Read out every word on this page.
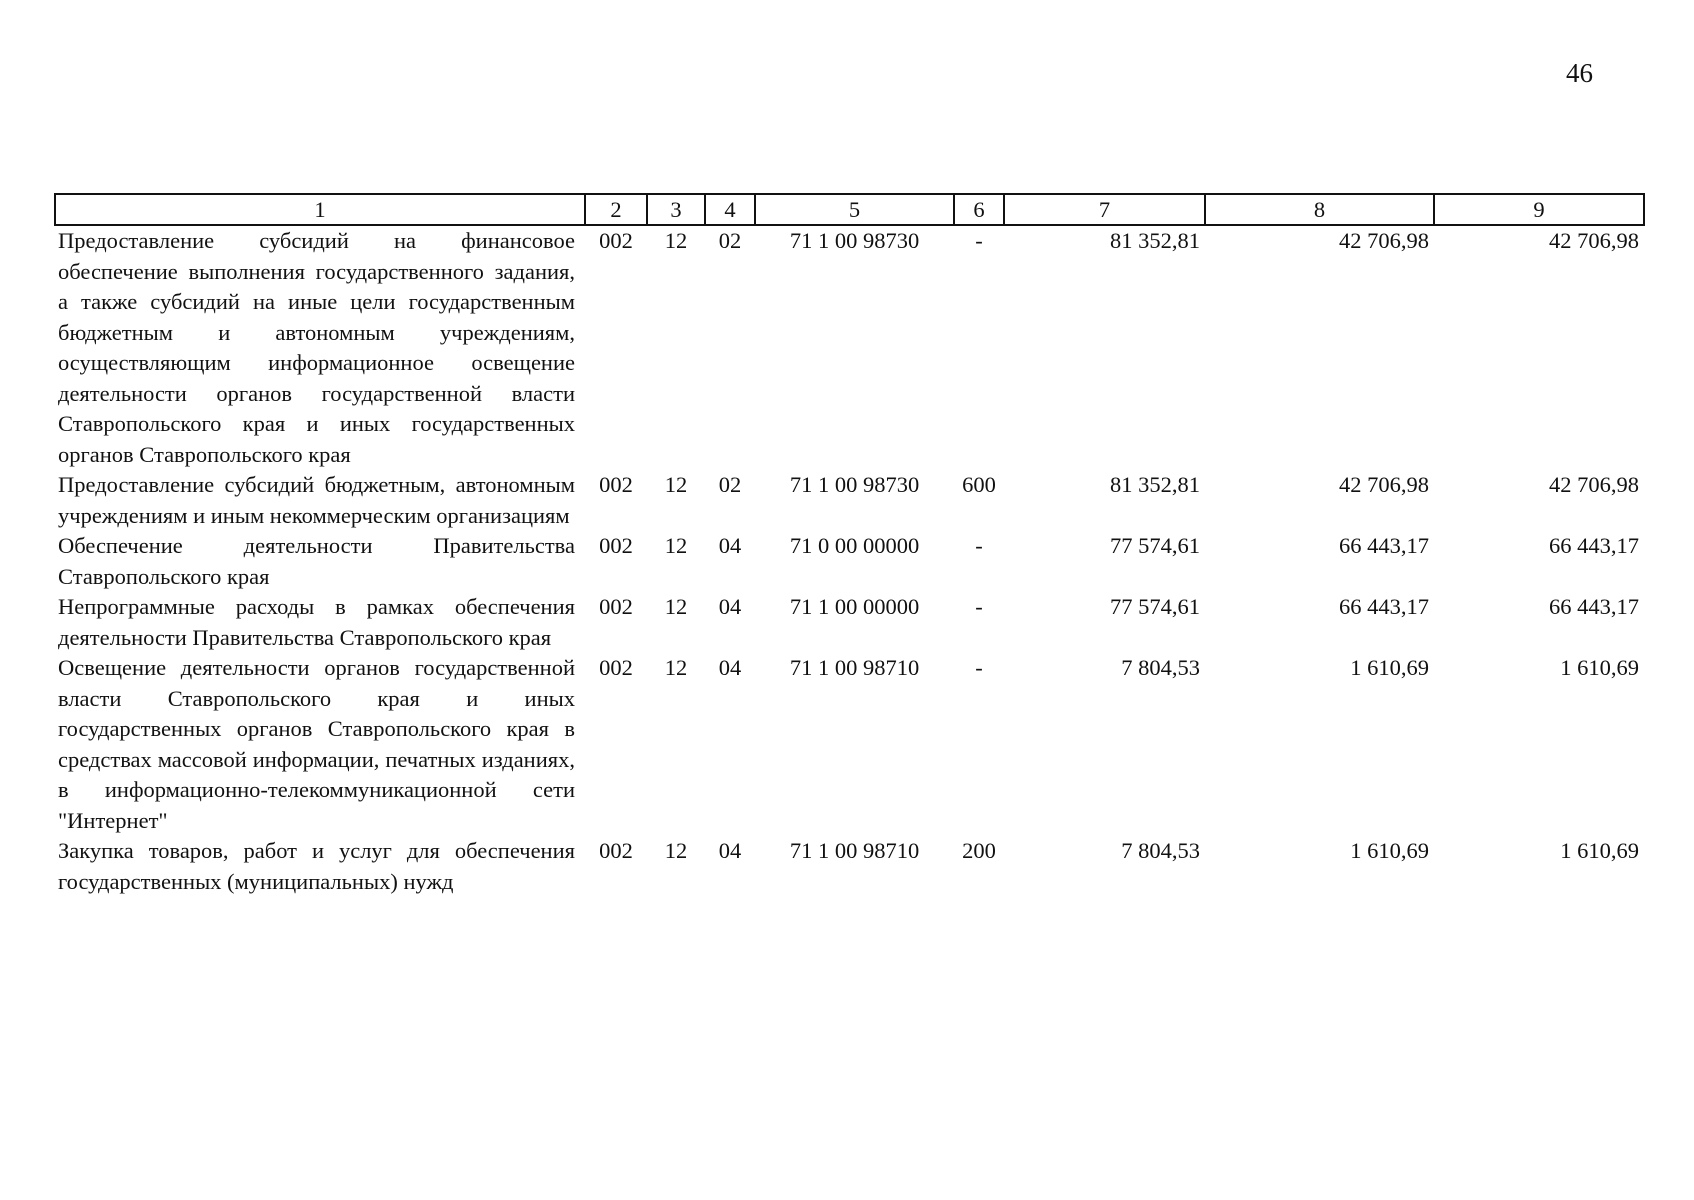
46
1	2	3	4	5	6	7	8	9
Предоставление субсидий на финансовое обеспечение выполнения государственного задания, а также субсидий на иные цели государственным бюджетным и автономным учреждениям, осуществляющим информационное освещение деятельности органов государственной власти Ставропольского края и иных государственных органов Ставропольского края	002	12	02	71 1 00 98730	-	81 352,81	42 706,98	42 706,98
Предоставление субсидий бюджетным, автономным учреждениям и иным некоммерческим организациям	002	12	02	71 1 00 98730	600	81 352,81	42 706,98	42 706,98
Обеспечение деятельности Правительства Ставропольского края	002	12	04	71 0 00 00000	-	77 574,61	66 443,17	66 443,17
Непрограммные расходы в рамках обеспечения деятельности Правительства Ставропольского края	002	12	04	71 1 00 00000	-	77 574,61	66 443,17	66 443,17
Освещение деятельности органов государственной власти Ставропольского края и иных государственных органов Ставропольского края в средствах массовой информации, печатных изданиях, в информационно-телекоммуникационной сети "Интернет"	002	12	04	71 1 00 98710	-	7 804,53	1 610,69	1 610,69
Закупка товаров, работ и услуг для обеспечения государственных (муниципальных) нужд	002	12	04	71 1 00 98710	200	7 804,53	1 610,69	1 610,69
